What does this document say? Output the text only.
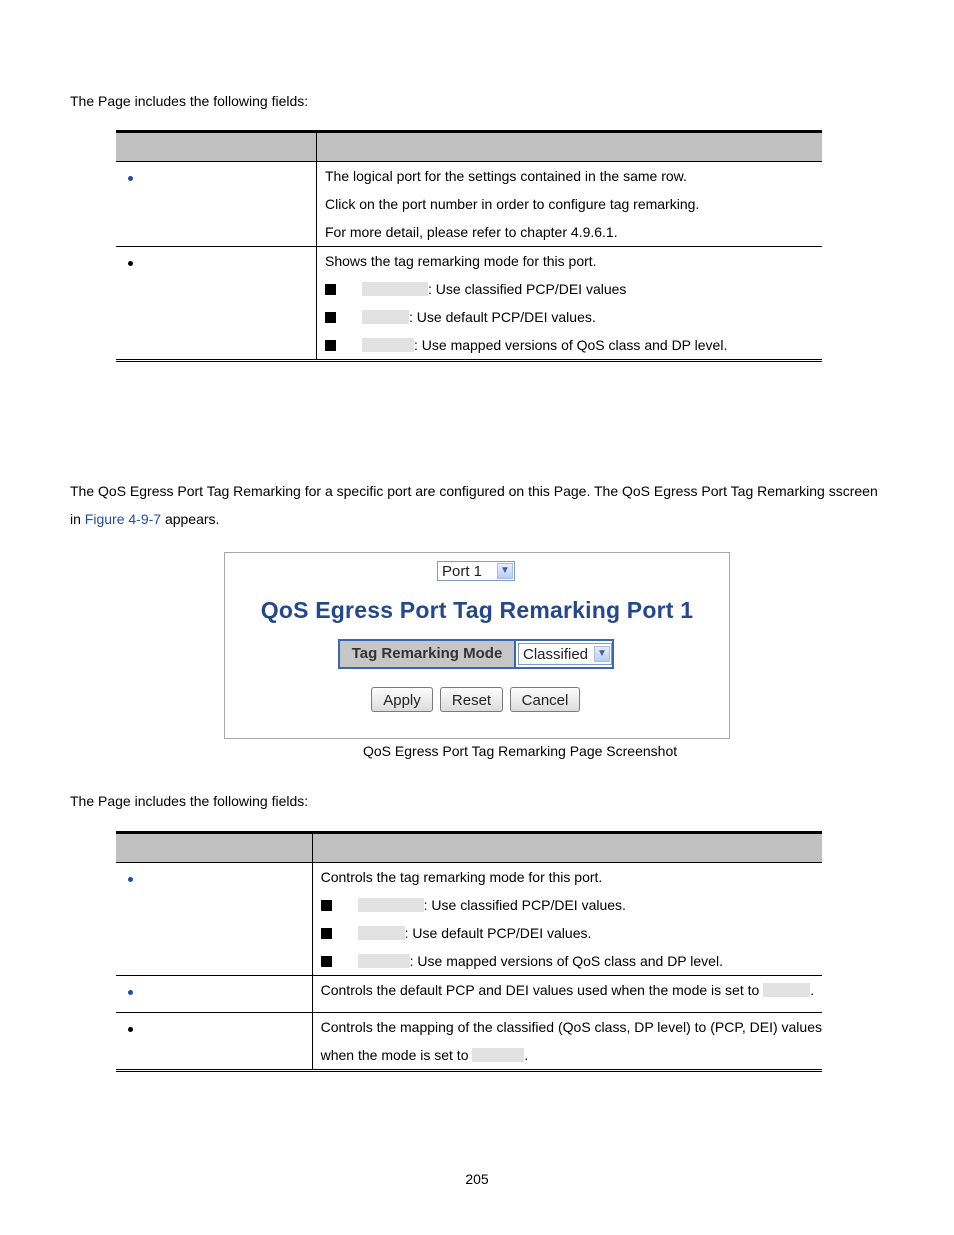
The Page includes the following fields:

	The logical port for the settings contained in the same row.
Click on the port number in order to configure tag remarking.
For more detail, please refer to chapter 4.9.6.1.

	Shows the tag remarking mode for this port.
: Use classified PCP/DEI values
: Use default PCP/DEI values.
: Use mapped versions of QoS class and DP level.
The QoS Egress Port Tag Remarking for a specific port are configured on this Page. The QoS Egress Port Tag Remarking sscreen
in Figure 4-9-7 appears.
Port 1	▼
QoS Egress Port Tag Remarking Port 1
Tag Remarking Mode	Classified ▼
Apply	Reset	Cancel
QoS Egress Port Tag Remarking Page Screenshot
The Page includes the following fields:

	Controls the tag remarking mode for this port.
: Use classified PCP/DEI values.
: Use default PCP/DEI values.
: Use mapped versions of QoS class and DP level.

	Controls the default PCP and DEI values used when the mode is set to .

	Controls the mapping of the classified (QoS class, DP level) to (PCP, DEI) values
when the mode is set to .
205
